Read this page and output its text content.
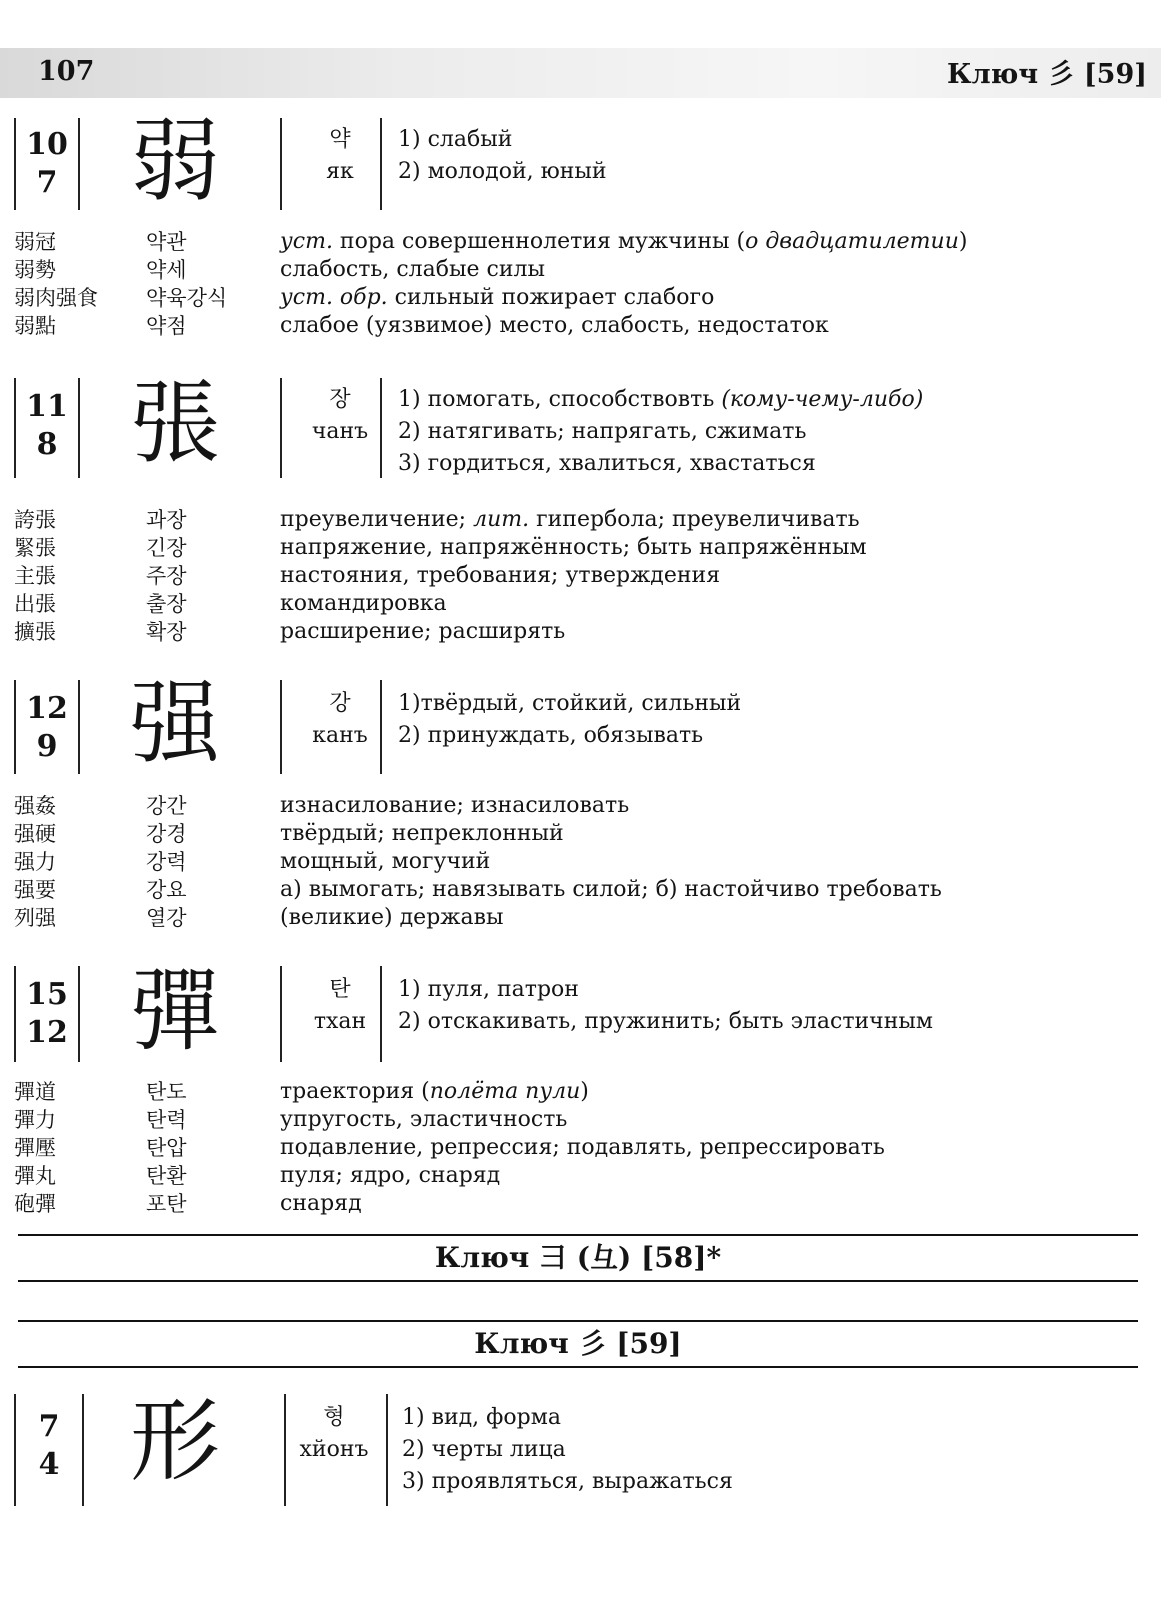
107	Ключ 彡 [59]
10
7 弱	약
як
1) слабый
2) молодой, юный
弱冠	약관	уст. пора совершеннолетия мужчины (о двадцатилетии)
弱勢	약세	слабость, слабые силы
弱肉强食 약육강식 уст. обр. сильный пожирает слабого
弱點	약점	слабое (уязвимое) место, слабость, недостаток
11
8 張	장
чанъ
1) помогать, способствовть (кому-чему-либо)
2) натягивать; напрягать, сжимать
3) гордиться, хвалиться, хвастаться
誇張	과장	преувеличение; лит. гипербола; преувеличивать
緊張	긴장	напряжение, напряжённость; быть напряжённым
主張	주장	настояния, требования; утверждения
出張	출장	командировка
擴張	확장	расширение; расширять
12
9 强	강
канъ
1)твёрдый, стойкий, сильный
2) принуждать, обязывать
强姦	강간	изнасилование; изнасиловать
强硬	강경	твёрдый; непреклонный
强力	강력	мощный, могучий
强要	강요	а) вымогать; навязывать силой; б) настойчиво требовать
列强	열강	(великие) державы
15
12 彈	탄
тхан
1) пуля, патрон
2) отскакивать, пружинить; быть эластичным
彈道	탄도	траектория (полёта пули)
彈力	탄력	упругость, эластичность
彈壓	탄압	подавление, репрессия; подавлять, репрессировать
彈丸	탄환	пуля; ядро, снаряд
砲彈	포탄	снаряд
Ключ ⺕ (彑) [58]*
Ключ 彡 [59]
7
4 形	형
хйонъ
1) вид, форма
2) черты лица
3) проявляться, выражаться
